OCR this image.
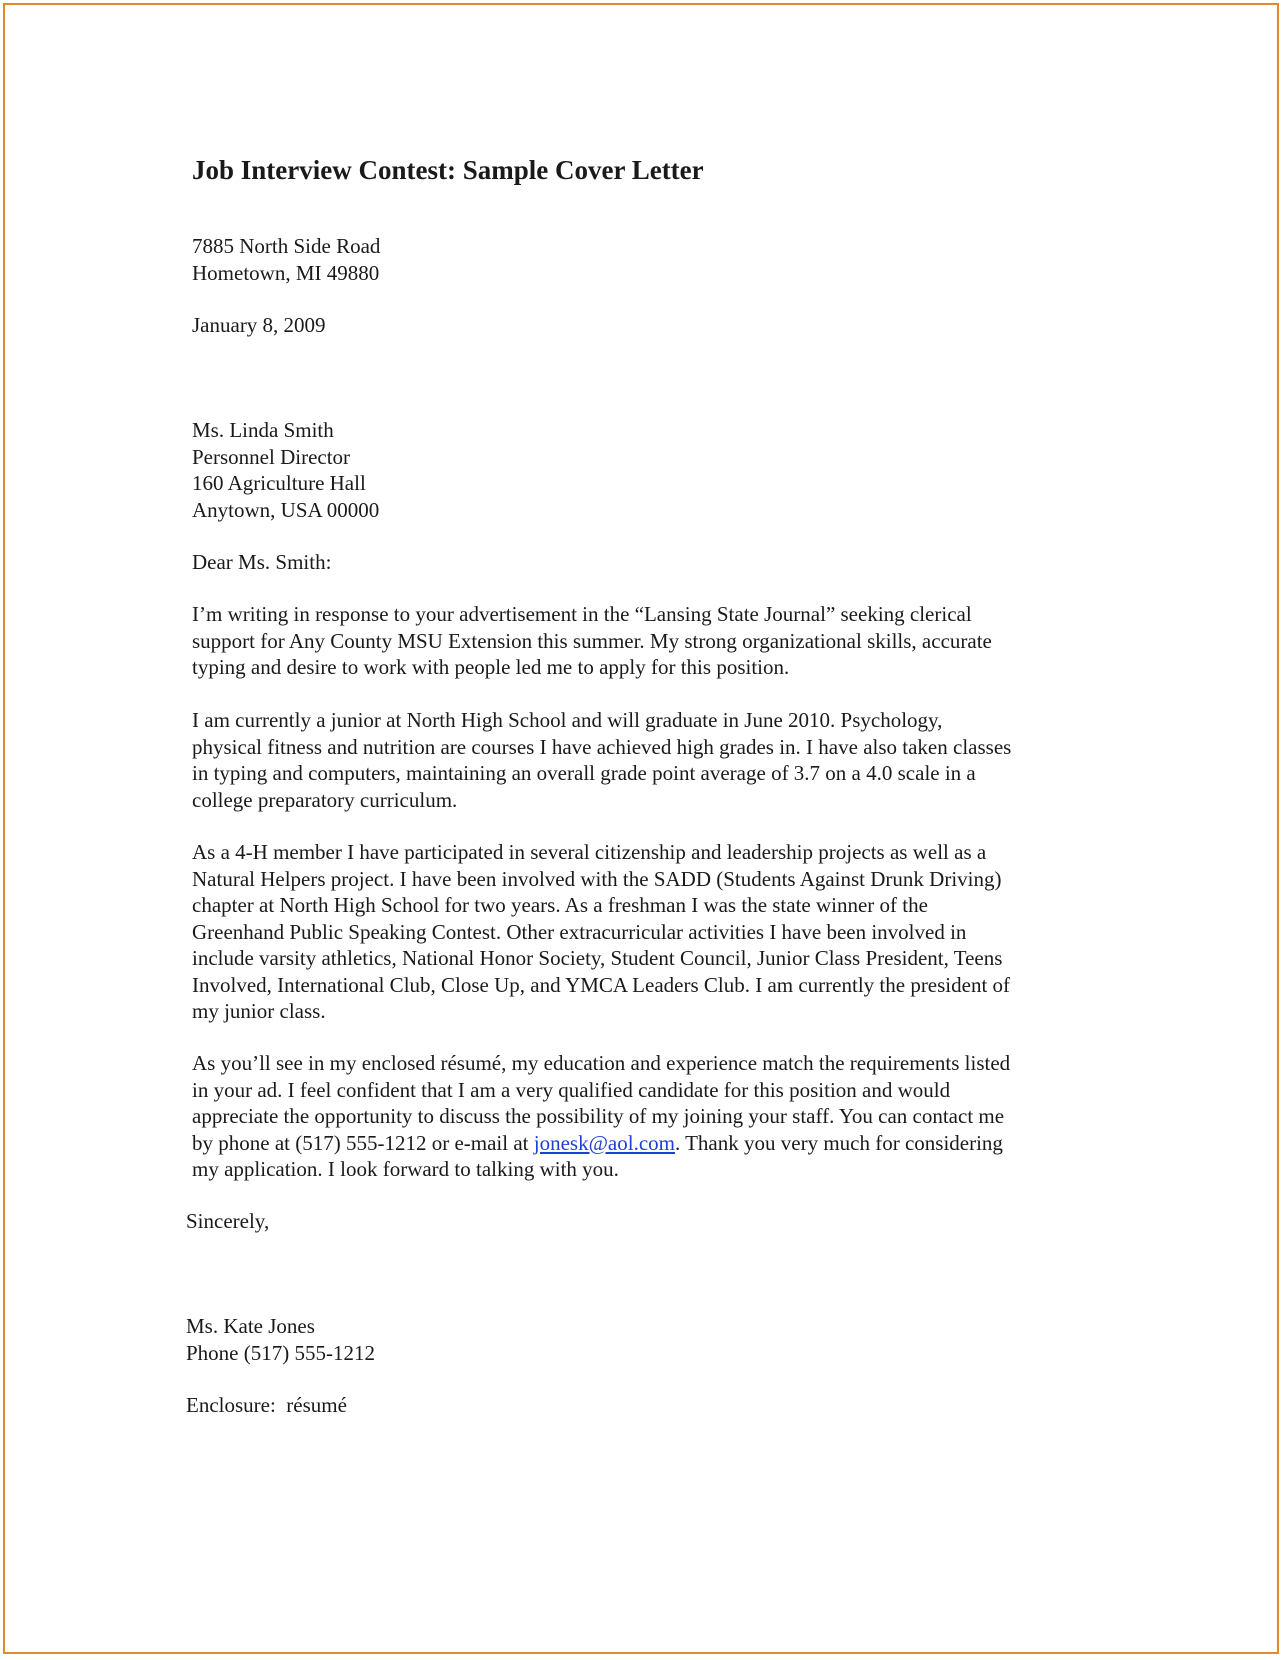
Job Interview Contest: Sample Cover Letter
7885 North Side Road
Hometown, MI 49880
January 8, 2009
Ms. Linda Smith
Personnel Director
160 Agriculture Hall
Anytown, USA 00000
Dear Ms. Smith:
I’m writing in response to your advertisement in the “Lansing State Journal” seeking clerical
support for Any County MSU Extension this summer. My strong organizational skills, accurate
typing and desire to work with people led me to apply for this position.
I am currently a junior at North High School and will graduate in June 2010. Psychology,
physical fitness and nutrition are courses I have achieved high grades in. I have also taken classes
in typing and computers, maintaining an overall grade point average of 3.7 on a 4.0 scale in a
college preparatory curriculum.
As a 4-H member I have participated in several citizenship and leadership projects as well as a
Natural Helpers project. I have been involved with the SADD (Students Against Drunk Driving)
chapter at North High School for two years. As a freshman I was the state winner of the
Greenhand Public Speaking Contest. Other extracurricular activities I have been involved in
include varsity athletics, National Honor Society, Student Council, Junior Class President, Teens
Involved, International Club, Close Up, and YMCA Leaders Club. I am currently the president of
my junior class.
As you’ll see in my enclosed résumé, my education and experience match the requirements listed
in your ad. I feel confident that I am a very qualified candidate for this position and would
appreciate the opportunity to discuss the possibility of my joining your staff. You can contact me
by phone at (517) 555-1212 or e-mail at jonesk@aol.com. Thank you very much for considering
my application. I look forward to talking with you.
Sincerely,
Ms. Kate Jones
Phone (517) 555-1212
Enclosure:  résumé
